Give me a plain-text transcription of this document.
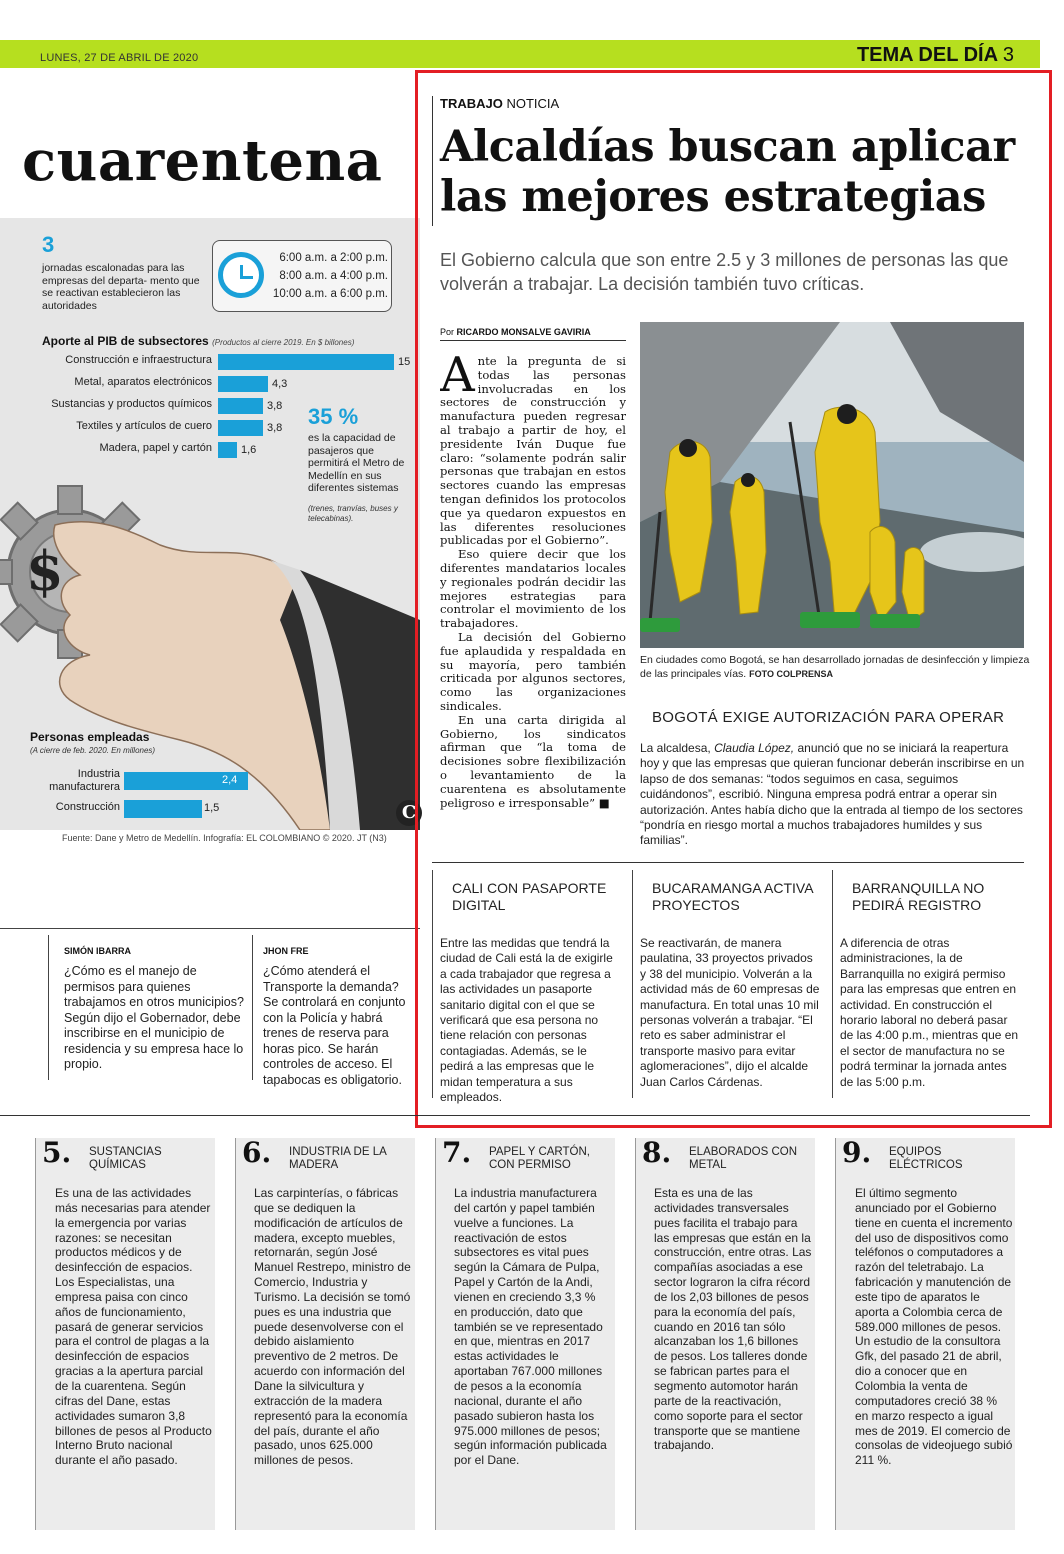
LUNES, 27 DE ABRIL DE 2020	TEMA DEL DÍA 3
cuarentena
$
3
jornadas escalonadas para las empresas del departa- mento que se reactivan establecieron las autoridades
6:00 a.m. a 2:00 p.m.
8:00 a.m. a 4:00 p.m.
10:00 a.m. a 6:00 p.m.
Aporte al PIB de subsectores (Productos al cierre 2019. En $ billones)
Construcción e infraestructura
Metal, aparatos electrónicos
Sustancias y productos químicos
Textiles y artículos de cuero
Madera, papel y cartón
15
4,3
3,8
3,8
1,6
35 %
es la capacidad de pasajeros que permitirá el Metro de Medellín en sus diferentes sistemas
(trenes, tranvías, buses y telecabinas).
Personas empleadas
(A cierre de feb. 2020. En millones)
Industria manufacturera
Construcción
2,4
1,5
Fuente: Dane y Metro de Medellín. Infografía: EL COLOMBIANO © 2020. JT (N3)
C
SIMÓN IBARRA
¿Cómo es el manejo de permisos para quienes trabajamos en otros municipios? Según dijo el Gobernador, debe inscribirse en el municipio de residencia y su empresa hace lo propio.
JHON FRE
¿Cómo atenderá el Transporte la demanda? Se controlará en conjunto con la Policía y habrá trenes de reserva para horas pico. Se harán controles de acceso. El tapabocas es obligatorio.
TRABAJO NOTICIA
Alcaldías buscan aplicar las mejores estrategias
El Gobierno calcula que son entre 2.5 y 3 millones de personas las que volverán a trabajar. La decisión también tuvo críticas.
Por RICARDO MONSALVE GAVIRIA

Ante la pregunta de si todas las personas involucradas en los sectores de construcción y manufactura pueden regresar al trabajo a partir de hoy, el presidente Iván Duque fue claro: “solamente podrán salir personas que trabajan en estos sectores cuando las empresas tengan definidos los protocolos que ya quedaron expuestos en las diferentes resoluciones publicadas por el Gobierno”.

Eso quiere decir que los diferentes mandatarios locales y regionales podrán decidir las mejores estrategias para controlar el movimiento de los trabajadores.

La decisión del Gobierno fue aplaudida y respaldada en su mayoría, pero también criticada por algunos sectores, como las organizaciones sindicales.

En una carta dirigida al Gobierno, los sindicatos afirman que “la toma de decisiones sobre flexibilización o levantamiento de la cuarentena es absolutamente peligroso e irresponsable” ■

En ciudades como Bogotá, se han desarrollado jornadas de desinfección y limpieza de las principales vías. FOTO COLPRENSA
BOGOTÁ EXIGE AUTORIZACIÓN PARA OPERAR
La alcaldesa, Claudia López, anunció que no se iniciará la reapertura hoy y que las empresas que quieran funcionar deberán inscribirse en un lapso de dos semanas: “todos seguimos en casa, seguimos cuidándonos”, escribió. Ninguna empresa podrá entrar a operar sin autorización. Antes había dicho que la entrada al tiempo de los sectores “pondría en riesgo mortal a muchos trabajadores humildes y sus familias”.
CALI CON PASAPORTE DIGITAL
Entre las medidas que tendrá la ciudad de Cali está la de exigirle a cada trabajador que regresa a las actividades un pasaporte sanitario digital con el que se verificará que esa persona no tiene relación con personas contagiadas. Además, se le pedirá a las empresas que le midan temperatura a sus empleados.
BUCARAMANGA ACTIVA PROYECTOS
Se reactivarán, de manera paulatina, 33 proyectos privados y 38 del municipio. Volverán a la actividad más de 60 empresas de manufactura. En total unas 10 mil personas volverán a trabajar. “El reto es saber administrar el transporte masivo para evitar aglomeraciones”, dijo el alcalde Juan Carlos Cárdenas.
BARRANQUILLA NO PEDIRÁ REGISTRO
A diferencia de otras administraciones, la de Barranquilla no exigirá permiso para las empresas que entren en actividad. En construcción el horario laboral no deberá pasar de las 4:00 p.m., mientras que en el sector de manufactura no se podrá terminar la jornada antes de las 5:00 p.m.
5. SUSTANCIAS QUÍMICAS
Es una de las actividades más necesarias para atender la emergencia por varias razones: se necesitan productos médicos y de desinfección de espacios. Los Especialistas, una empresa paisa con cinco años de funcionamiento, pasará de generar servicios para el control de plagas a la desinfección de espacios gracias a la apertura parcial de la cuarentena. Según cifras del Dane, estas actividades sumaron 3,8 billones de pesos al Producto Interno Bruto nacional durante el año pasado.
6. INDUSTRIA DE LA MADERA
Las carpinterías, o fábricas que se dediquen la modificación de artículos de madera, excepto muebles, retornarán, según José Manuel Restrepo, ministro de Comercio, Industria y Turismo. La decisión se tomó pues es una industria que puede desenvolverse con el debido aislamiento preventivo de 2 metros. De acuerdo con información del Dane la silvicultura y extracción de la madera representó para la economía del país, durante el año pasado, unos 625.000 millones de pesos.
7. PAPEL Y CARTÓN, CON PERMISO
La industria manufacturera del cartón y papel también vuelve a funciones. La reactivación de estos subsectores es vital pues según la Cámara de Pulpa, Papel y Cartón de la Andi, vienen en creciendo 3,3 % en producción, dato que también se ve representado en que, mientras en 2017 estas actividades le aportaban 767.000 millones de pesos a la economía nacional, durante el año pasado subieron hasta los 975.000 millones de pesos; según información publicada por el Dane.
8. ELABORADOS CON METAL
Esta es una de las actividades transversales pues facilita el trabajo para las empresas que están en la construcción, entre otras. Las compañías asociadas a ese sector lograron la cifra récord de los 2,03 billones de pesos para la economía del país, cuando en 2016 tan sólo alcanzaban los 1,6 billones de pesos. Los talleres donde se fabrican partes para el segmento automotor harán parte de la reactivación, como soporte para el sector transporte que se mantiene trabajando.
9. EQUIPOS ELÉCTRICOS
El último segmento anunciado por el Gobierno tiene en cuenta el incremento del uso de dispositivos como teléfonos o computadores a razón del teletrabajo. La fabricación y manutención de este tipo de aparatos le aporta a Colombia cerca de 589.000 millones de pesos. Un estudio de la consultora Gfk, del pasado 21 de abril, dio a conocer que en Colombia la venta de computadores creció 38 % en marzo respecto a igual mes de 2019. El comercio de consolas de videojuego subió 211 %.
